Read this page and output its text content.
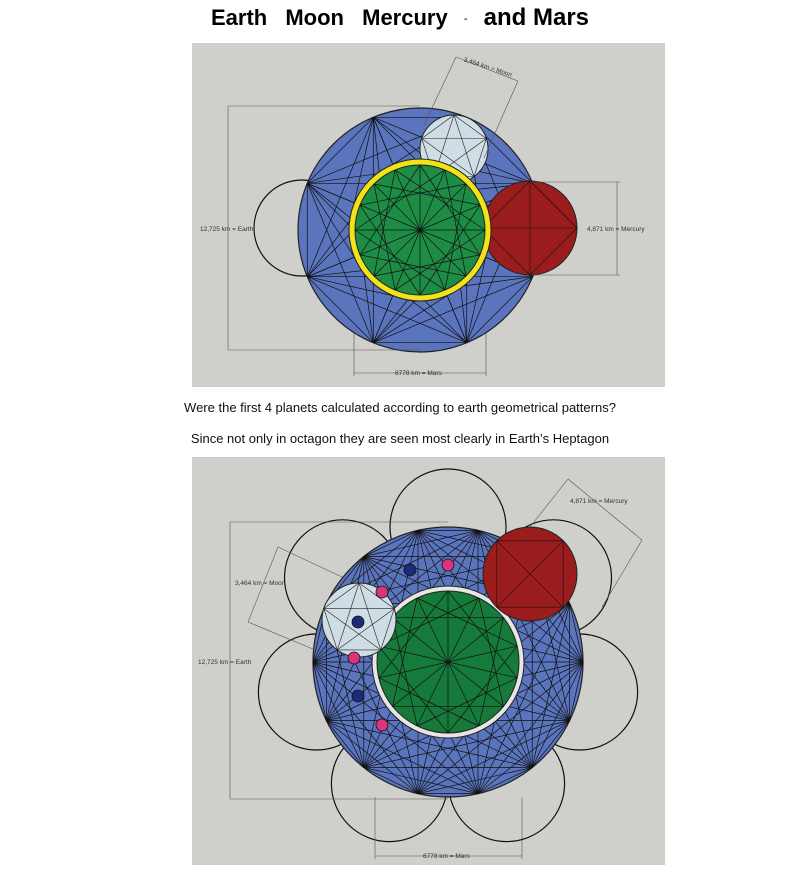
Earth Moon Mercury - and Mars
12,725 km = Earth	4,871 km = Mercury
6778 km = Mars
3,464 km = Moon
Were the first 4 planets calculated according to earth geometrical patterns?
Since not only in octagon they are seen most clearly in Earth’s Heptagon
12,725 km = Earth
3,464 km = Moon
4,871 km = Mercury
6778 km = Mars
